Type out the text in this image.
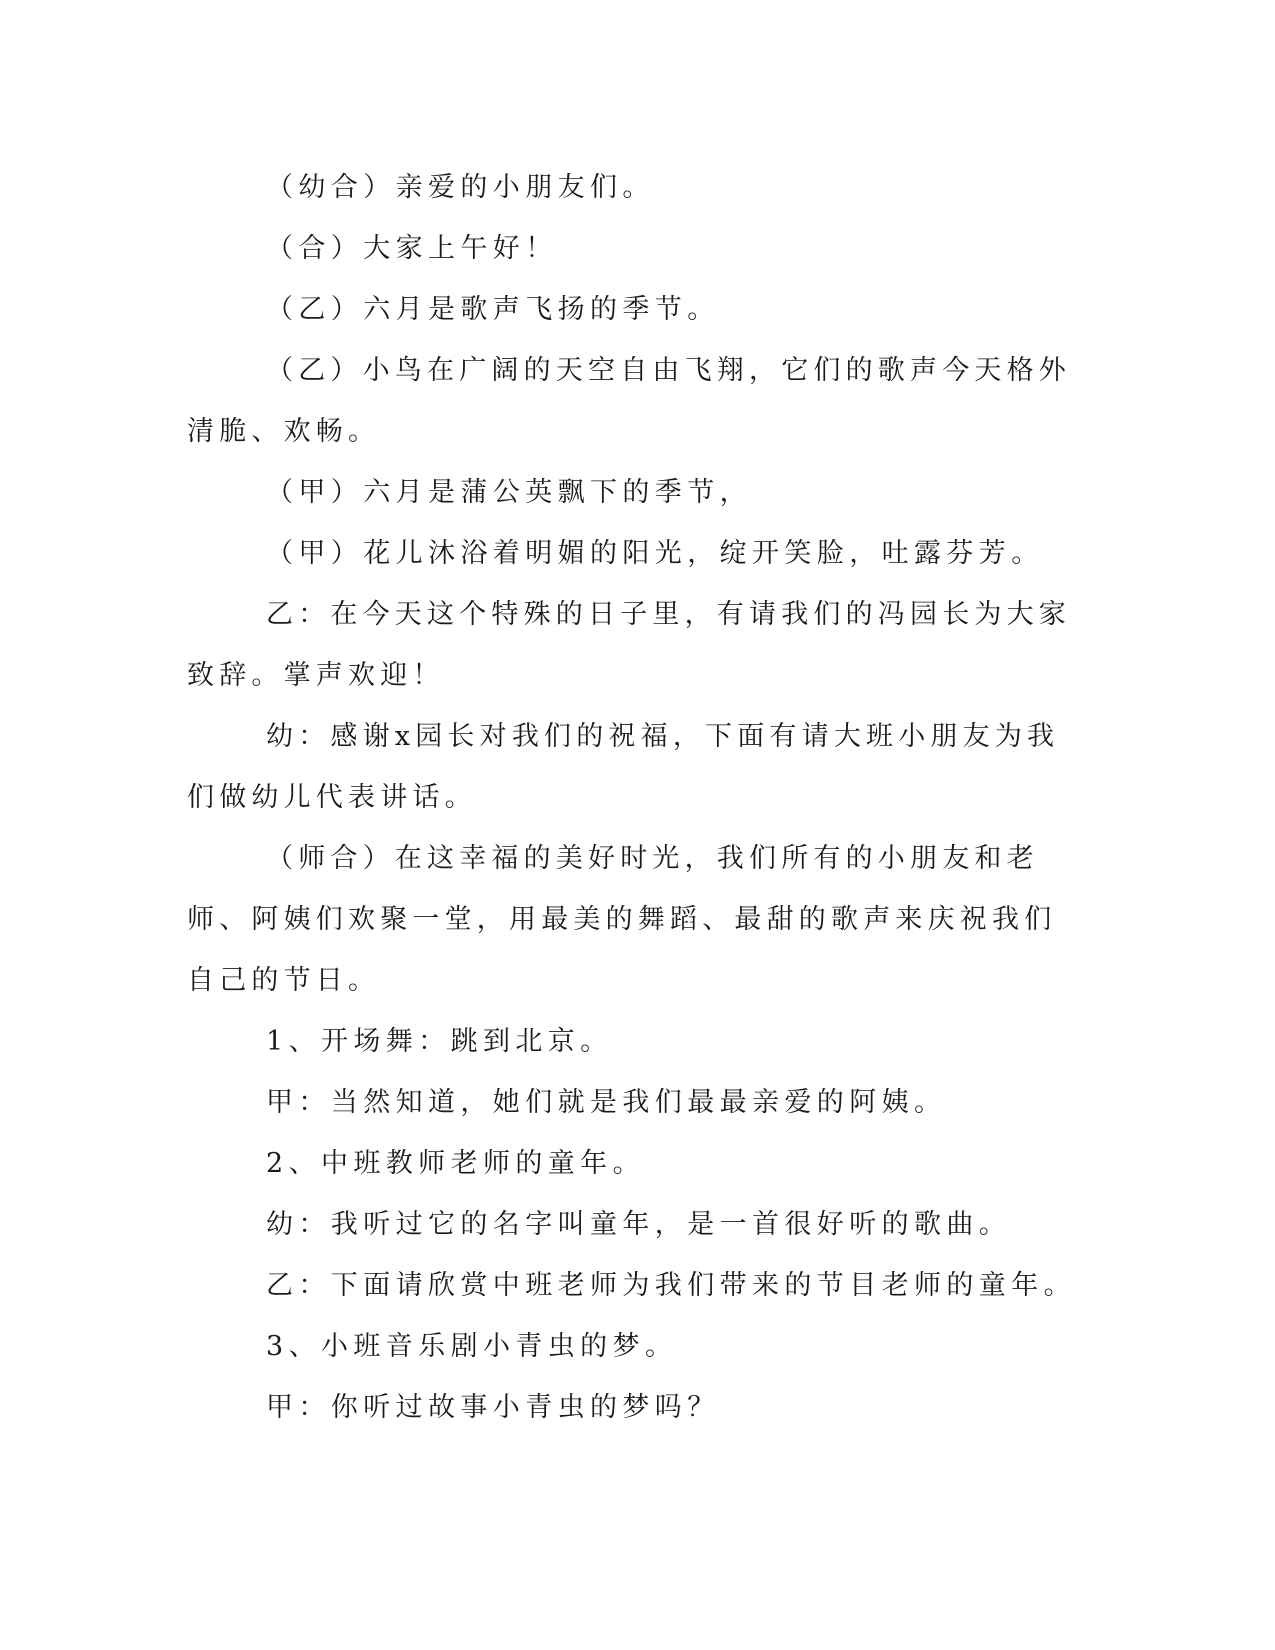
（幼合）亲爱的小朋友们。

（合）大家上午好！

（乙）六月是歌声飞扬的季节。

（乙）小鸟在广阔的天空自由飞翔，它们的歌声今天格外清脆、欢畅。

（甲）六月是蒲公英飘下的季节，

（甲）花儿沐浴着明媚的阳光，绽开笑脸，吐露芬芳。

乙：在今天这个特殊的日子里，有请我们的冯园长为大家致辞。掌声欢迎！

幼：感谢x园长对我们的祝福，下面有请大班小朋友为我们做幼儿代表讲话。

（师合）在这幸福的美好时光，我们所有的小朋友和老师、阿姨们欢聚一堂，用最美的舞蹈、最甜的歌声来庆祝我们自己的节日。

1、开场舞：跳到北京。

甲：当然知道，她们就是我们最最亲爱的阿姨。

2、中班教师老师的童年。

幼：我听过它的名字叫童年，是一首很好听的歌曲。

乙：下面请欣赏中班老师为我们带来的节目老师的童年。

3、小班音乐剧小青虫的梦。

甲：你听过故事小青虫的梦吗？
